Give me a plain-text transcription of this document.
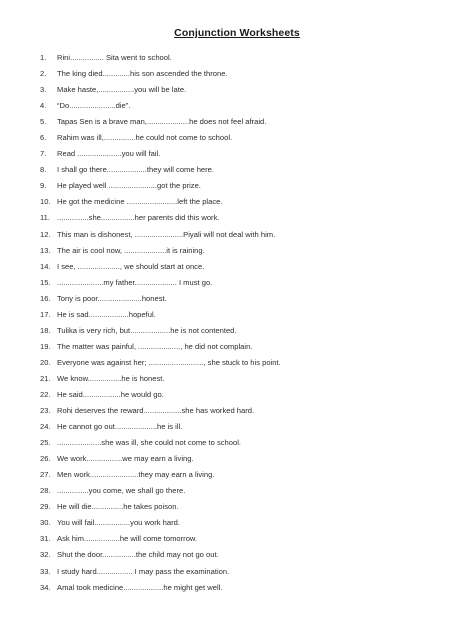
Conjunction Worksheets
1.	Rini................ Sita went to school.
2.	The king died.............his son ascended the throne.
3.	Make haste,.................you will be late.
4.	“Do......................die”.
5.	Tapas Sen is a brave man,....................he does not feel afraid.
6.	Rahim was ill,...............he could not come to school.
7.	Read .....................you will fail.
8.	I shall go there...................they will come here.
9.	He played well .......................got the prize.
10. He got the medicine ........................left the place.
11. ...............she................her parents did this work.
12. This man is dishonest, .......................Piyali will not deal with him.
13. The air is cool now, ....................it is raining.
14. I see, ...................., we should start at once.
15. ......................my father.................... I must go.
16. Tony is poor.....................honest.
17. He is sad...................hopeful.
18. Tulika is very rich, but...................he is not contented.
19. The matter was painful, ...................., he did not complain.
20. Everyone was against her; .........................., she stuck to his point.
21. We know................he is honest.
22. He said..................he would go.
23. Rohi deserves the reward..................she has worked hard.
24. He cannot go out....................he is ill.
25. .....................she was ill, she could not come to school.
26. We work.................we may earn a living.
27. Men work.......................they may earn a living.
28. ...............you come, we shall go there.
29. He will die...............he takes poison.
30. You will fail.................you work hard.
31. Ask him.................he will come tomorrow.
32. Shut the door................the child may not go out.
33. I study hard................. I may pass the examination.
34. Amal took medicine...................he might get well.
